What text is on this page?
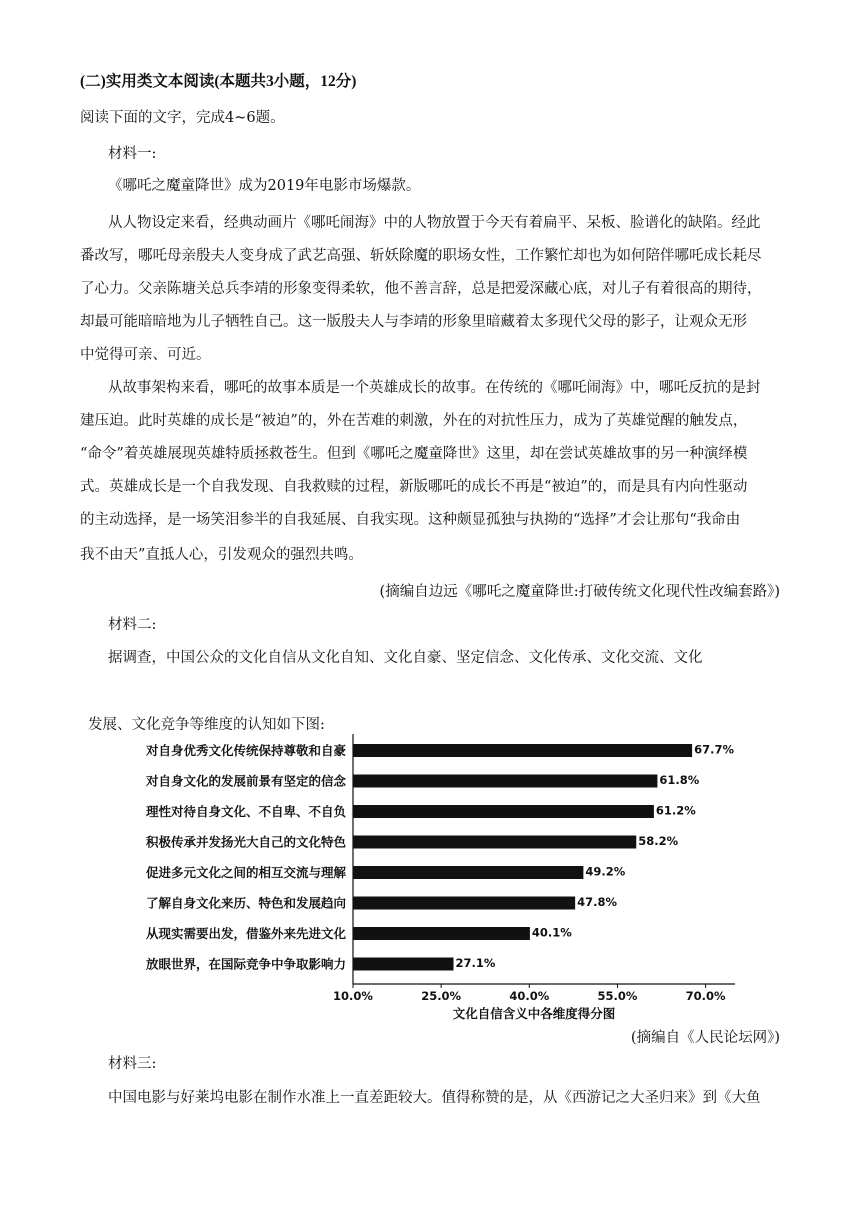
(二)实用类文本阅读(本题共3小题，12分)
阅读下面的文字，完成4~6题。
材料一:
《哪吒之魔童降世》成为2019年电影市场爆款。
从人物设定来看，经典动画片《哪吒闹海》中的人物放置于今天有着扁平、呆板、脸谱化的缺陷。经此
番改写，哪吒母亲殷夫人变身成了武艺高强、斩妖除魔的职场女性，工作繁忙却也为如何陪伴哪吒成长耗尽
了心力。父亲陈塘关总兵李靖的形象变得柔软，他不善言辞，总是把爱深藏心底，对儿子有着很高的期待，
却最可能暗暗地为儿子牺牲自己。这一版殷夫人与李靖的形象里暗藏着太多现代父母的影子，让观众无形
中觉得可亲、可近。
从故事架构来看，哪吒的故事本质是一个英雄成长的故事。在传统的《哪吒闹海》中，哪吒反抗的是封
建压迫。此时英雄的成长是“被迫”的，外在苦难的刺激，外在的对抗性压力，成为了英雄觉醒的触发点，
“命令”着英雄展现英雄特质拯救苍生。但到《哪吒之魔童降世》这里，却在尝试英雄故事的另一种演绎模
式。英雄成长是一个自我发现、自我救赎的过程，新版哪吒的成长不再是“被迫”的，而是具有内向性驱动
的主动选择，是一场笑泪参半的自我延展、自我实现。这种颇显孤独与执拗的“选择”才会让那句“我命由
我不由天”直抵人心，引发观众的强烈共鸣。
(摘编自边远《哪吒之魔童降世:打破传统文化现代性改编套路》)
材料二:
据调查，中国公众的文化自信从文化自知、文化自豪、坚定信念、文化传承、文化交流、文化
发展、文化竞争等维度的认知如下图:
对自身优秀文化传统保持尊敬和自豪	67.7%
对自身文化的发展前景有坚定的信念	61.8%
理性对待自身文化、不自卑、不自负	61.2%
积极传承并发扬光大自己的文化特色	58.2%
促进多元文化之间的相互交流与理解	49.2%
了解自身文化来历、特色和发展趋向	47.8%
从现实需要出发，借鉴外来先进文化	40.1%
放眼世界，在国际竞争中争取影响力	27.1%
10.0%	25.0%	40.0%	55.0%	70.0%
文化自信含义中各维度得分图
(摘编自《人民论坛网》)
材料三:
中国电影与好莱坞电影在制作水准上一直差距较大。值得称赞的是，从《西游记之大圣归来》到《大鱼
